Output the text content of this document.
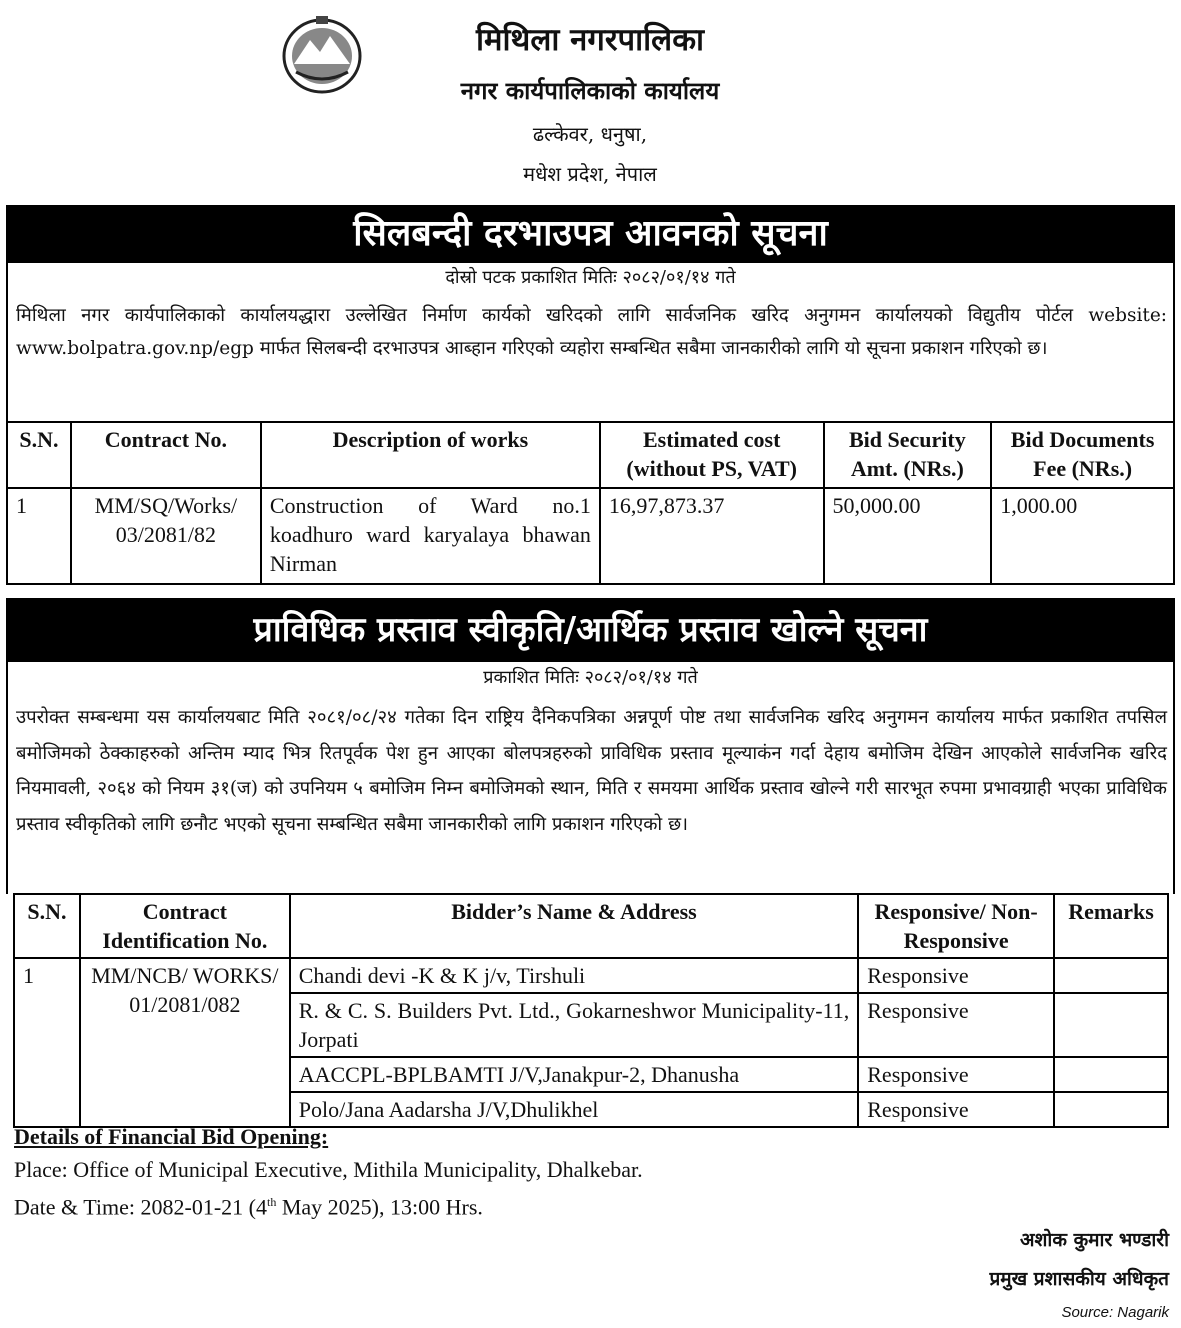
मिथिला नगरपालिका
नगर कार्यपालिकाको कार्यालय
ढल्केवर, धनुषा,
मधेश प्रदेश, नेपाल
सिलबन्दी दरभाउपत्र आवनको सूचना
दोस्रो पटक प्रकाशित मितिः २०८२/०१/१४ गते
मिथिला नगर कार्यपालिकाको कार्यालयद्धारा उल्लेखित निर्माण कार्यको खरिदको लागि सार्वजनिक खरिद अनुगमन कार्यालयको विद्युतीय पोर्टल website: www.bolpatra.gov.np/egp मार्फत सिलबन्दी दरभाउपत्र आब्हान गरिएको व्यहोरा सम्बन्धित सबैमा जानकारीको लागि यो सूचना प्रकाशन गरिएको छ।
S.N.	Contract No.	Description of works	Estimated cost (without PS, VAT)	Bid Security Amt. (NRs.)	Bid Documents Fee (NRs.)
1	MM/SQ/Works/ 03/2081/82	Construction of Ward no.1 koadhuro ward karyalaya bhawan Nirman	16,97,873.37	50,000.00	1,000.00
प्राविधिक प्रस्ताव स्वीकृति/आर्थिक प्रस्ताव खोल्ने सूचना
प्रकाशित मितिः २०८२/०१/१४ गते
उपरोक्त सम्बन्धमा यस कार्यालयबाट मिति २०८१/०८/२४ गतेका दिन राष्ट्रिय दैनिकपत्रिका अन्नपूर्ण पोष्ट तथा सार्वजनिक खरिद अनुगमन कार्यालय मार्फत प्रकाशित तपसिल बमोजिमको ठेक्काहरुको अन्तिम म्याद भित्र रितपूर्वक पेश हुन आएका बोलपत्रहरुको प्राविधिक प्रस्ताव मूल्याकंन गर्दा देहाय बमोजिम देखिन आएकोले सार्वजनिक खरिद नियमावली, २०६४ को नियम ३१(ज) को उपनियम ५ बमोजिम निम्न बमोजिमको स्थान, मिति र समयमा आर्थिक प्रस्ताव खोल्ने गरी सारभूत रुपमा प्रभावग्राही भएका प्राविधिक प्रस्ताव स्वीकृतिको लागि छनौट भएको सूचना सम्बन्धित सबैमा जानकारीको लागि प्रकाशन गरिएको छ।
S.N.	Contract Identification No.	Bidder’s Name & Address	Responsive/ Non-Responsive	Remarks
1	MM/NCB/ WORKS/ 01/2081/082	Chandi devi -K & K j/v, Tirshuli	Responsive	
		R. & C. S. Builders Pvt. Ltd., Gokarneshwor Municipality-11, Jorpati	Responsive	
		AACCPL-BPLBAMTI J/V,Janakpur-2, Dhanusha	Responsive	
		Polo/Jana Aadarsha J/V,Dhulikhel	Responsive	
Details of Financial Bid Opening:
Place: Office of Municipal Executive, Mithila Municipality, Dhalkebar.
Date & Time: 2082-01-21 (4th May 2025), 13:00 Hrs.
अशोक कुमार भण्डारी
प्रमुख प्रशासकीय अधिकृत
Source: Nagarik
